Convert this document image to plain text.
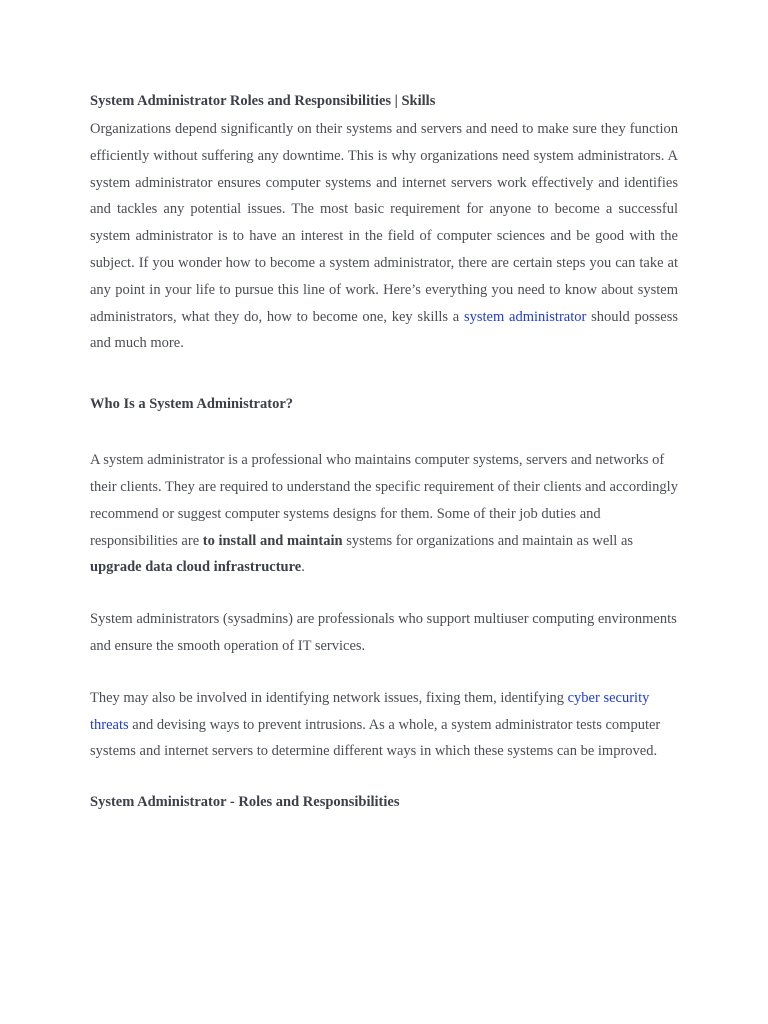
System Administrator Roles and Responsibilities | Skills

Organizations depend significantly on their systems and servers and need to make sure they function efficiently without suffering any downtime. This is why organizations need system administrators. A system administrator ensures computer systems and internet servers work effectively and identifies and tackles any potential issues. The most basic requirement for anyone to become a successful system administrator is to have an interest in the field of computer sciences and be good with the subject. If you wonder how to become a system administrator, there are certain steps you can take at any point in your life to pursue this line of work. Here’s everything you need to know about system administrators, what they do, how to become one, key skills a system administrator should possess and much more.

Who Is a System Administrator?

A system administrator is a professional who maintains computer systems, servers and networks of their clients. They are required to understand the specific requirement of their clients and accordingly recommend or suggest computer systems designs for them. Some of their job duties and responsibilities are to install and maintain systems for organizations and maintain as well as upgrade data cloud infrastructure.

System administrators (sysadmins) are professionals who support multiuser computing environments and ensure the smooth operation of IT services.

They may also be involved in identifying network issues, fixing them, identifying cyber security threats and devising ways to prevent intrusions. As a whole, a system administrator tests computer systems and internet servers to determine different ways in which these systems can be improved.

System Administrator - Roles and Responsibilities
